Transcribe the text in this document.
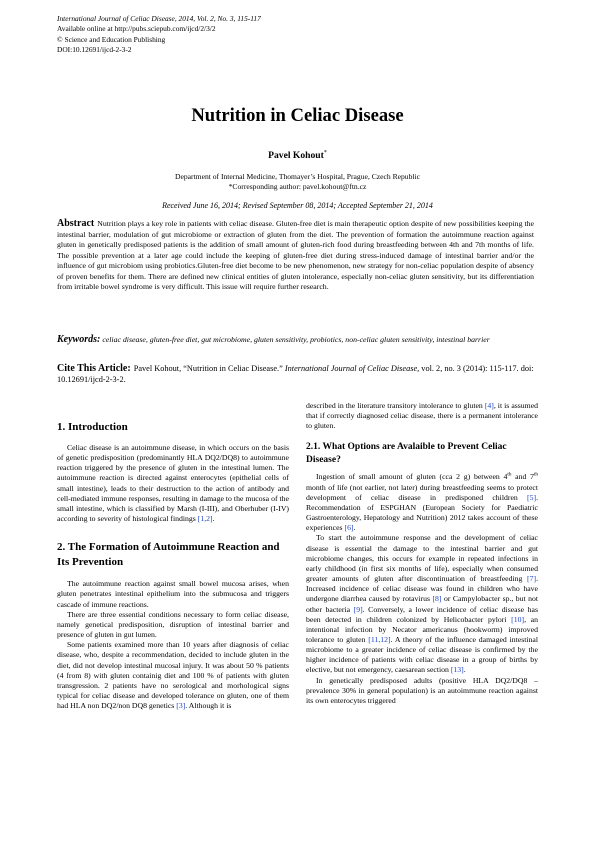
International Journal of Celiac Disease, 2014, Vol. 2, No. 3, 115-117
Available online at http://pubs.sciepub.com/ijcd/2/3/2
© Science and Education Publishing
DOI:10.12691/ijcd-2-3-2
Nutrition in Celiac Disease
Pavel Kohout*
Department of Internal Medicine, Thomayer’s Hospital, Prague, Czech Republic
*Corresponding author: pavel.kohout@ftn.cz
Received June 16, 2014; Revised September 08, 2014; Accepted September 21, 2014
Abstract Nutrition plays a key role in patients with celiac disease. Gluten-free diet is main therapeutic option despite of new possibilities keeping the intestinal barrier, modulation of gut microbiome or extraction of gluten from the diet. The prevention of formation the autoimmune reaction against gluten in genetically predisposed patients is the addition of small amount of gluten-rich food during breastfeeding between 4th and 7th months of life. The possible prevention at a later age could include the keeping of gluten-free diet during stress-induced damage of intestinal barrier and/or the influence of gut microbiom using probiotics.Gluten-free diet become to be new phenomenon, new strategy for non-celiac population despite of absency of proven benefits for them. There are defined new clinical entities of gluten intolerance, especially non-celiac gluten sensitivity, but its differentiation from irritable bowel syndrome is very difficult. This issue will require further research.
Keywords: celiac disease, gluten-free diet, gut microbiome, gluten sensitivity, probiotics, non-celiac gluten sensitivity, intestinal barrier
Cite This Article: Pavel Kohout, “Nutrition in Celiac Disease.” International Journal of Celiac Disease, vol. 2, no. 3 (2014): 115-117. doi: 10.12691/ijcd-2-3-2.
1. Introduction

Celiac disease is an autoimmune disease, in which occurs on the basis of genetic predisposition (predominantly HLA DQ2/DQ8) to autoimmune reaction triggered by the presence of gluten in the intestinal lumen. The autoimmune reaction is directed against enterocytes (epithelial cells of small intestine), leads to their destruction to the action of antibody and cell-mediated immune responses, resulting in damage to the mucosa of the small intestine, which is classified by Marsh (I-III), and Oberhuber (I-IV) according to severity of histological findings [1,2].

2. The Formation of Autoimmune Reaction and Its Prevention

The autoimmune reaction against small bowel mucosa arises, when gluten penetrates intestinal epithelium into the submucosa and triggers cascade of immune reactions.

There are three essential conditions necessary to form celiac disease, namely genetical predisposition, disruption of intestinal barrier and presence of gluten in gut lumen.

Some patients examined more than 10 years after diagnosis of celiac disease, who, despite a recommendation, decided to include gluten in the diet, did not develop intestinal mucosal injury. It was about 50 % patients (4 from 8) with gluten containig diet and 100 % of patients with gluten transgression. 2 patients have no serological and morhological signs typical for celiac disease and developed tolerance on gluten, one of them had HLA non DQ2/non DQ8 genetics [3]. Although it is

described in the literature transitory intolerance to gluten [4], it is assumed that if correctly diagnosed celiac disease, there is a permanent intolerance to gluten.

2.1. What Options are Avalaible to Prevent Celiac Disease?

Ingestion of small amount of gluten (cca 2 g) between 4th and 7th month of life (not earlier, not later) during breastfeeding seems to protect development of celiac disease in predisponed children [5]. Recommendation of ESPGHAN (European Society for Paediatric Gastroenterology, Hepatology and Nutrition) 2012 takes account of these experiences [6].

To start the autoimmune response and the development of celiac disease is essential the damage to the intestinal barrier and gut microbiome changes, this occurs for example in repeated infections in early childhood (in first six months of life), especially when consumed greater amounts of gluten after discontinuation of breastfeeding [7]. Increased incidence of celiac disease was found in children who have undergone diarrhea caused by rotavirus [8] or Campylobacter sp., but not other bacteria [9]. Conversely, a lower incidence of celiac disease has been detected in children colonized by Helicobacter pylori [10], an intentional infection by Necator americanus (hookworm) improved tolerance to gluten [11,12]. A theory of the influence damaged intestinal microbiome to a greater incidence of celiac disease is confirmed by the higher incidence of patients with celiac disease in a group of births by elective, but not emergency, caesarean section [13].

In genetically predisposed adults (positive HLA DQ2/DQ8 – prevalence 30% in general population) is an autoimmune reaction against its own enterocytes triggered
